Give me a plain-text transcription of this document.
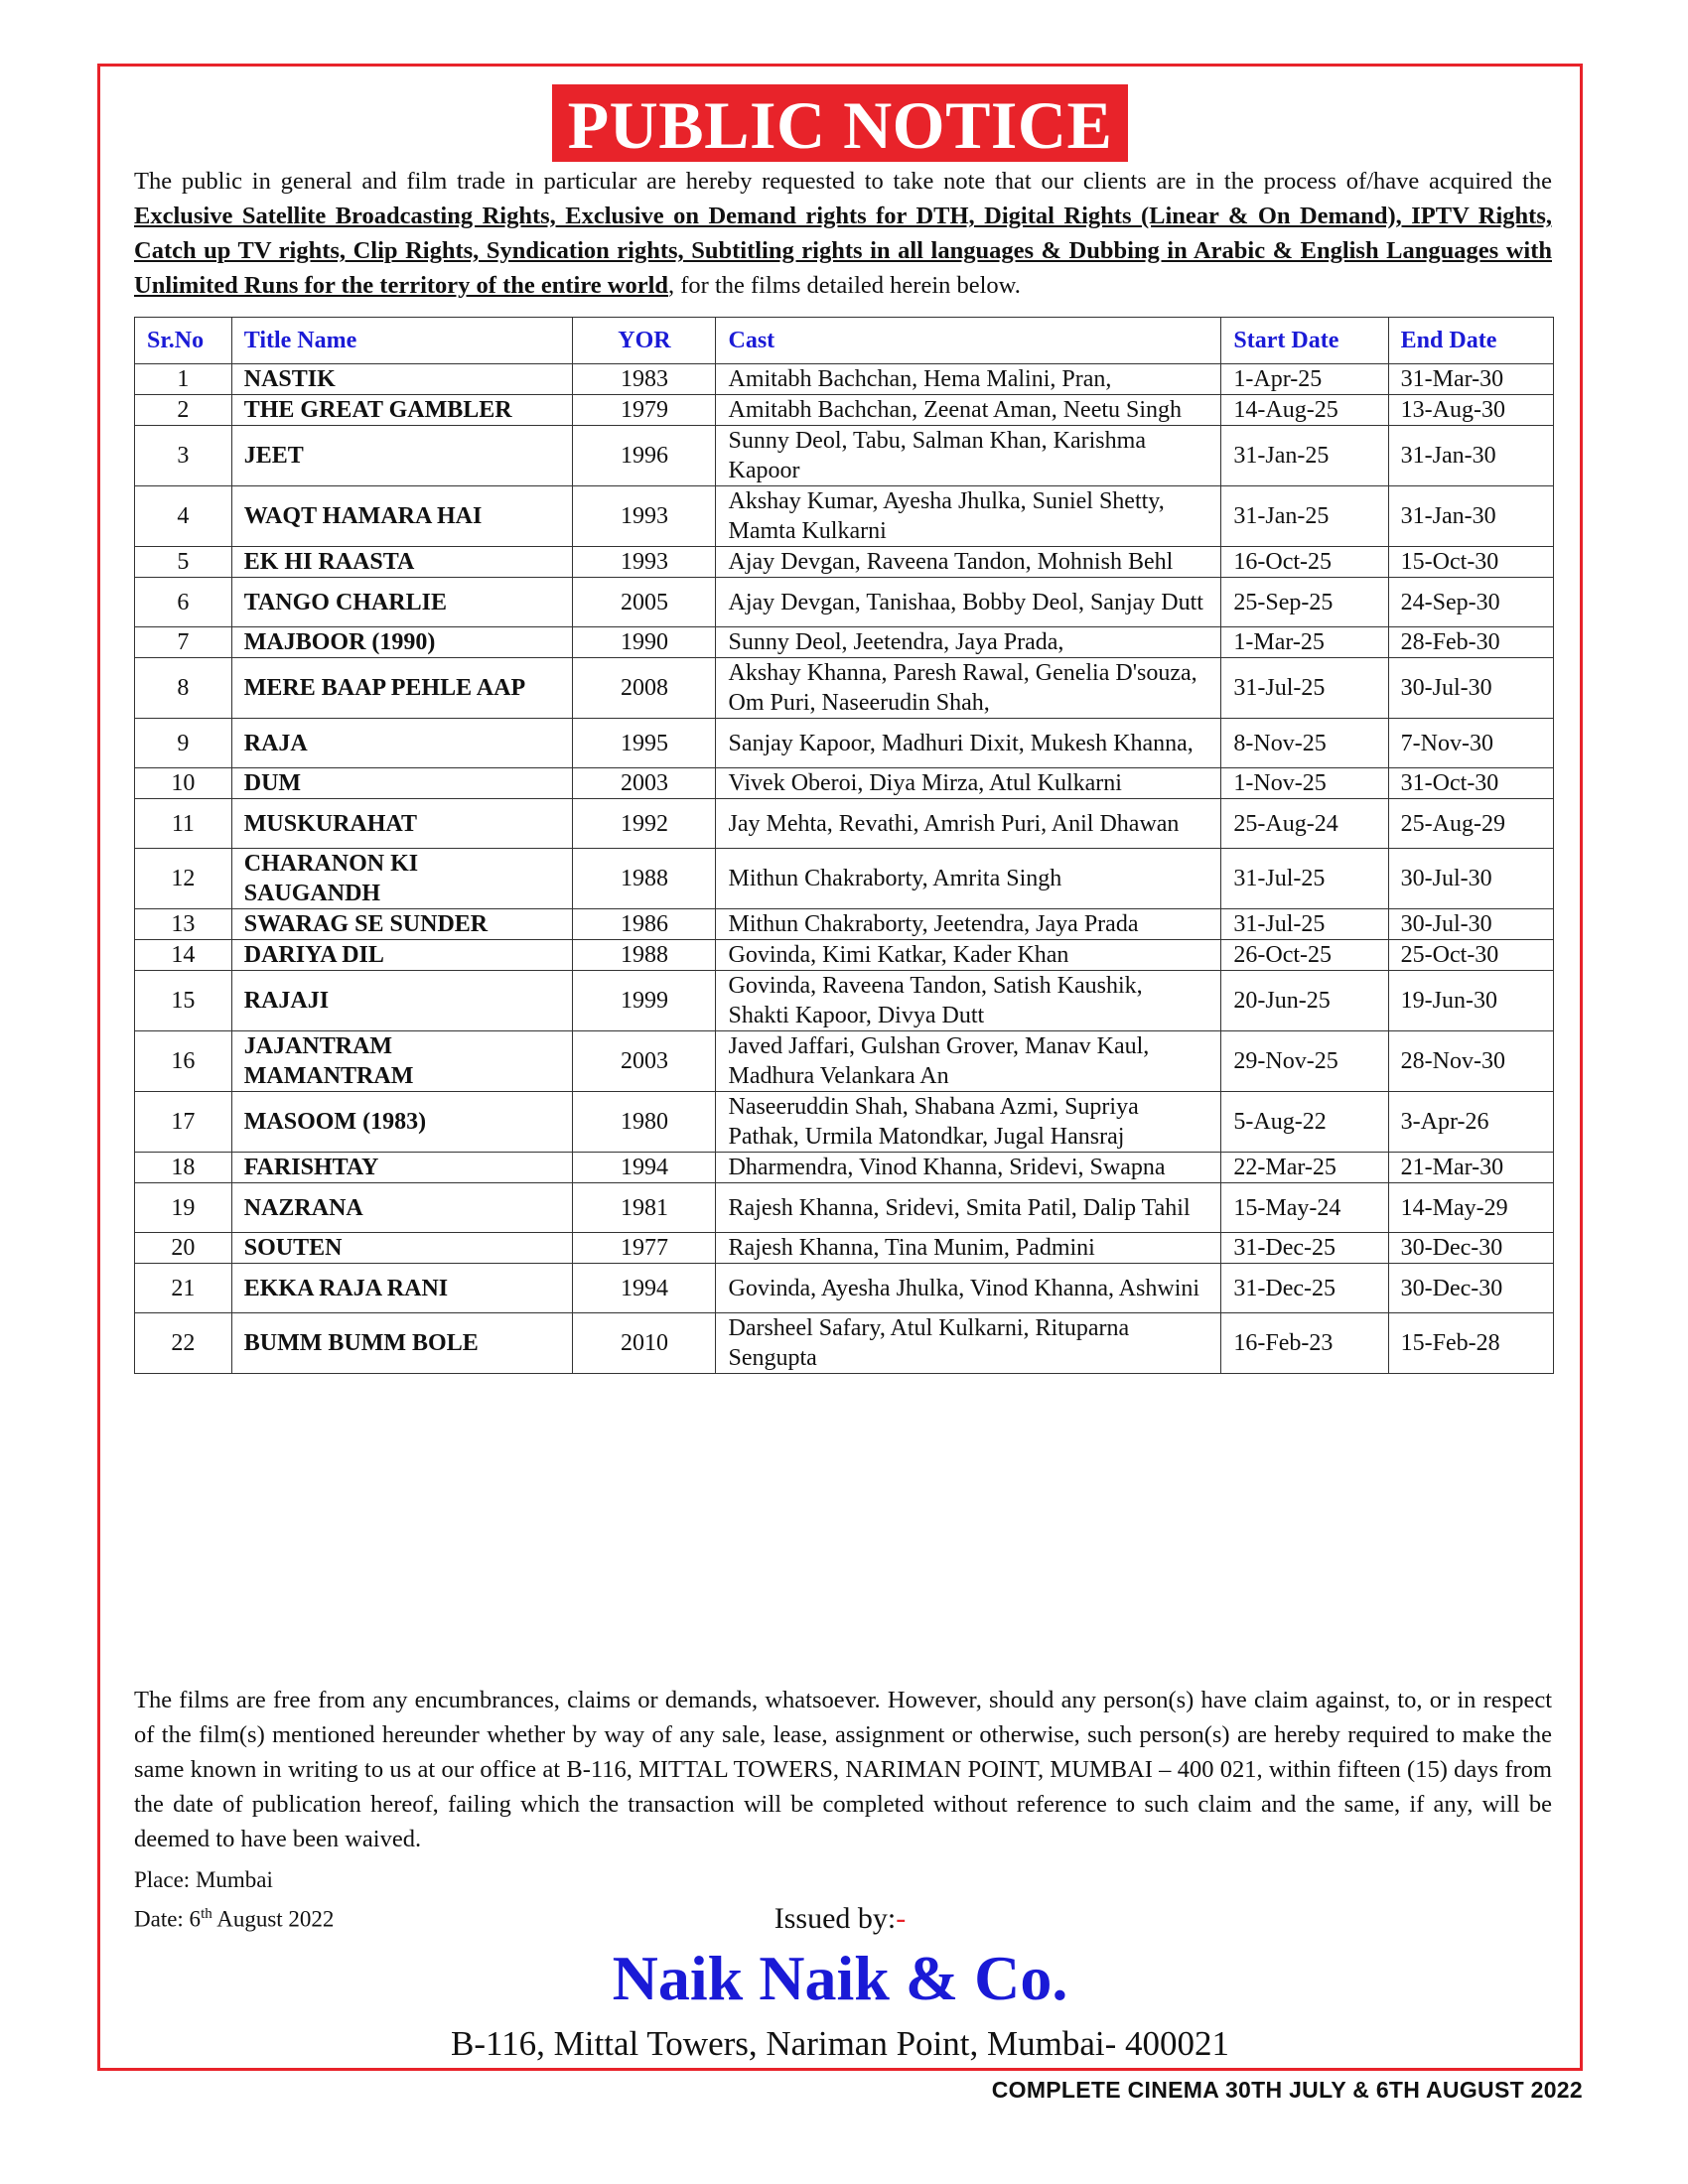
PUBLIC NOTICE
The public in general and film trade in particular are hereby requested to take note that our clients are in the process of/have acquired the Exclusive Satellite Broadcasting Rights, Exclusive on Demand rights for DTH, Digital Rights (Linear & On Demand), IPTV Rights, Catch up TV rights, Clip Rights, Syndication rights, Subtitling rights in all languages & Dubbing in Arabic & English Languages with Unlimited Runs for the territory of the entire world, for the films detailed herein below.
Sr.No	Title Name	YOR	Cast	Start Date	End Date
1	NASTIK	1983	Amitabh Bachchan, Hema Malini, Pran,	1-Apr-25	31-Mar-30
2	THE GREAT GAMBLER	1979	Amitabh Bachchan, Zeenat Aman, Neetu Singh	14-Aug-25	13-Aug-30
3	JEET	1996	Sunny Deol, Tabu, Salman Khan, Karishma Kapoor	31-Jan-25	31-Jan-30
4	WAQT HAMARA HAI	1993	Akshay Kumar, Ayesha Jhulka, Suniel Shetty, Mamta Kulkarni	31-Jan-25	31-Jan-30
5	EK HI RAASTA	1993	Ajay Devgan, Raveena Tandon, Mohnish Behl	16-Oct-25	15-Oct-30
6	TANGO CHARLIE	2005	Ajay Devgan, Tanishaa, Bobby Deol, Sanjay Dutt	25-Sep-25	24-Sep-30
7	MAJBOOR (1990)	1990	Sunny Deol, Jeetendra, Jaya Prada,	1-Mar-25	28-Feb-30
8	MERE BAAP PEHLE AAP	2008	Akshay Khanna, Paresh Rawal, Genelia D'souza, Om Puri, Naseerudin Shah,	31-Jul-25	30-Jul-30
9	RAJA	1995	Sanjay Kapoor, Madhuri Dixit, Mukesh Khanna,	8-Nov-25	7-Nov-30
10	DUM	2003	Vivek Oberoi, Diya Mirza, Atul Kulkarni	1-Nov-25	31-Oct-30
11	MUSKURAHAT	1992	Jay Mehta, Revathi, Amrish Puri, Anil Dhawan	25-Aug-24	25-Aug-29
12	CHARANON KI SAUGANDH	1988	Mithun Chakraborty, Amrita Singh	31-Jul-25	30-Jul-30
13	SWARAG SE SUNDER	1986	Mithun Chakraborty, Jeetendra, Jaya Prada	31-Jul-25	30-Jul-30
14	DARIYA DIL	1988	Govinda, Kimi Katkar, Kader Khan	26-Oct-25	25-Oct-30
15	RAJAJI	1999	Govinda, Raveena Tandon, Satish Kaushik, Shakti Kapoor, Divya Dutt	20-Jun-25	19-Jun-30
16	JAJANTRAM MAMANTRAM	2003	Javed Jaffari, Gulshan Grover, Manav Kaul, Madhura Velankara An	29-Nov-25	28-Nov-30
17	MASOOM (1983)	1980	Naseeruddin Shah, Shabana Azmi, Supriya Pathak, Urmila Matondkar, Jugal Hansraj	5-Aug-22	3-Apr-26
18	FARISHTAY	1994	Dharmendra, Vinod Khanna, Sridevi, Swapna	22-Mar-25	21-Mar-30
19	NAZRANA	1981	Rajesh Khanna, Sridevi, Smita Patil, Dalip Tahil	15-May-24	14-May-29
20	SOUTEN	1977	Rajesh Khanna, Tina Munim, Padmini	31-Dec-25	30-Dec-30
21	EKKA RAJA RANI	1994	Govinda, Ayesha Jhulka, Vinod Khanna, Ashwini	31-Dec-25	30-Dec-30
22	BUMM BUMM BOLE	2010	Darsheel Safary, Atul Kulkarni, Rituparna Sengupta	16-Feb-23	15-Feb-28
The films are free from any encumbrances, claims or demands, whatsoever. However, should any person(s) have claim against, to, or in respect of the film(s) mentioned hereunder whether by way of any sale, lease, assignment or otherwise, such person(s) are hereby required to make the same known in writing to us at our office at B-116, MITTAL TOWERS, NARIMAN POINT, MUMBAI – 400 021, within fifteen (15) days from the date of publication hereof, failing which the transaction will be completed without reference to such claim and the same, if any, will be deemed to have been waived.
Place: Mumbai
Date: 6th August 2022	Issued by:-
Naik Naik & Co.
B-116, Mittal Towers, Nariman Point, Mumbai- 400021
COMPLETE CINEMA 30TH JULY & 6TH AUGUST 2022
